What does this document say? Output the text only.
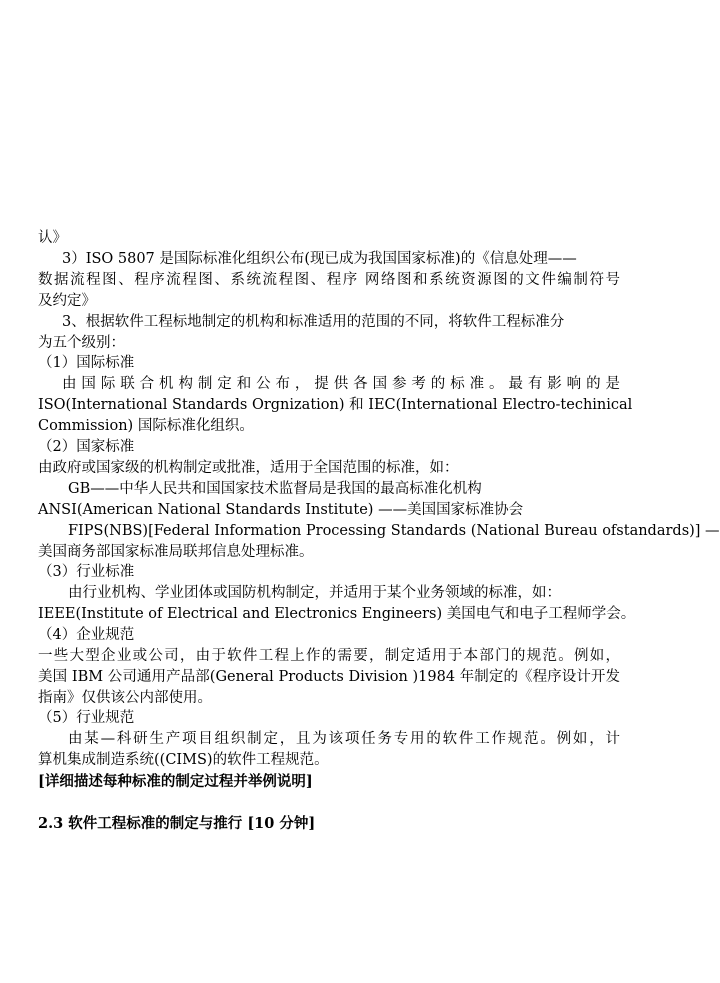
认》
3）ISO 5807 是国际标准化组织公布(现已成为我国国家标准)的《信息处理——
数据流程图、程序流程图、系统流程图、程序 网络图和系统资源图的文件编制符号
及约定》
3、根据软件工程标地制定的机构和标准适用的范围的不同，将软件工程标准分
为五个级别：
（1）国际标准
由国际联合机构制定和公布，提供各国参考的标准。最有影响的是
ISO(International Standards Orgnization) 和 IEC(International Electro-techinical
Commission) 国际标准化组织。
（2）国家标准
由政府或国家级的机构制定或批准，适用于全国范围的标准，如：
GB——中华人民共和国国家技术监督局是我国的最高标准化机构
ANSI(American National Standards Institute) ——美国国家标准协会
FIPS(NBS)[Federal Information Processing Standards (National Bureau ofstandards)] —
美国商务部国家标准局联邦信息处理标准。
（3）行业标准
由行业机构、学业团体或国防机构制定，并适用于某个业务领域的标准，如：
IEEE(Institute of Electrical and Electronics Engineers) 美国电气和电子工程师学会。
（4）企业规范
一些大型企业或公司，由于软件工程上作的需要，制定适用于本部门的规范。例如，
美国 IBM 公司通用产品部(General Products Division )1984 年制定的《程序设计开发
指南》仅供该公内部使用。
（5）行业规范
由某—科研生产项目组织制定，且为该项任务专用的软件工作规范。例如，计
算机集成制造系统((CIMS)的软件工程规范。
[详细描述每种标准的制定过程并举例说明]
2.3 软件工程标准的制定与推行 [10 分钟]
